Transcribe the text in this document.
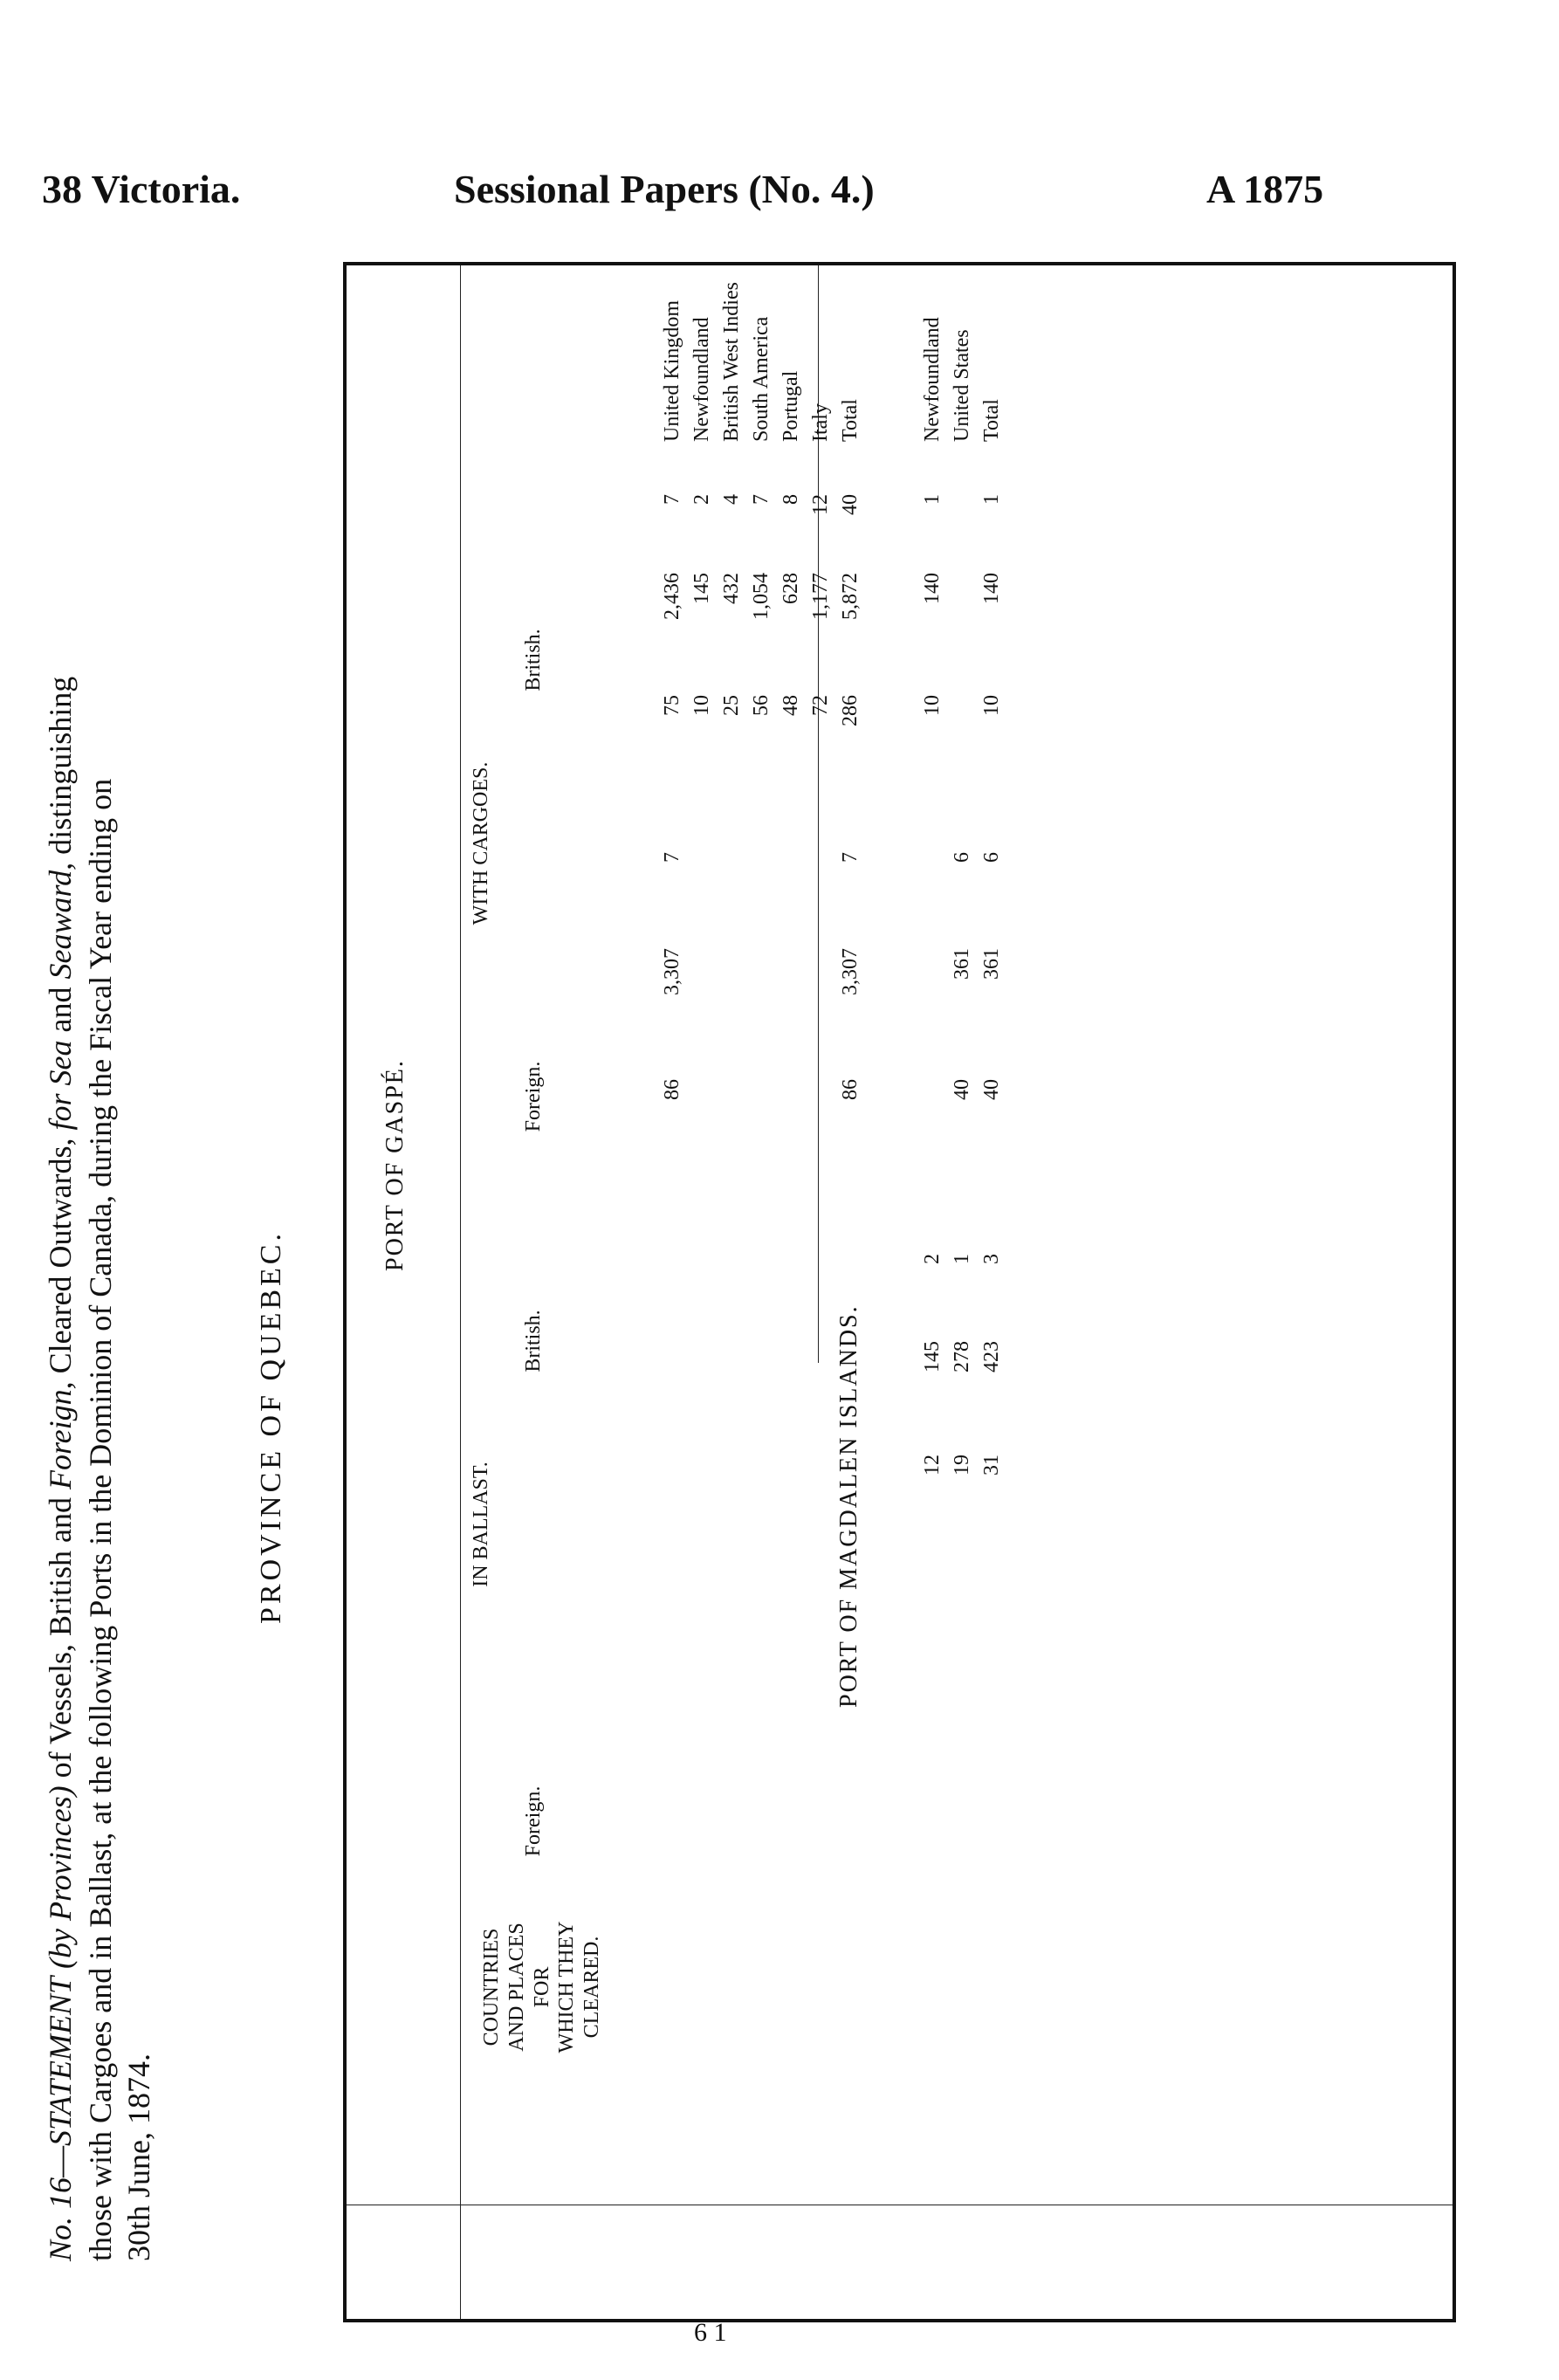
38 Victoria.	Sessional Papers (No. 4.)	A 1875
No. 16—STATEMENT (by Provinces) of Vessels, British and Foreign, Cleared Outwards, for Sea and Seaward, distinguishing
those with Cargoes and in Ballast, at the following Ports in the Dominion of Canada, during the Fiscal Year ending on 30th June, 1874.
PROVINCE OF QUEBEC.
COUNTRIES AND PLACES FOR WHICH THEY CLEARED.
PORT OF GASPÉ.
PORT OF MAGDALEN ISLANDS.
WITH CARGOES.
IN BALLAST.
British.
Foreign.
British.
Foreign.
United Kingdom
7
2,436
75
7
3,307
86
Newfoundland
2
145
10
British West Indies
4
432
25
South America
7
1,054
56
Portugal
8
628
48
Italy
12
1,177
72
Total
40
5,872
286
7
3,307
86
Newfoundland
1
140
10
2
145
12
United States
6
361
40
1
278
19
Total
1
140
10
6
361
40
3
423
31
6 1
